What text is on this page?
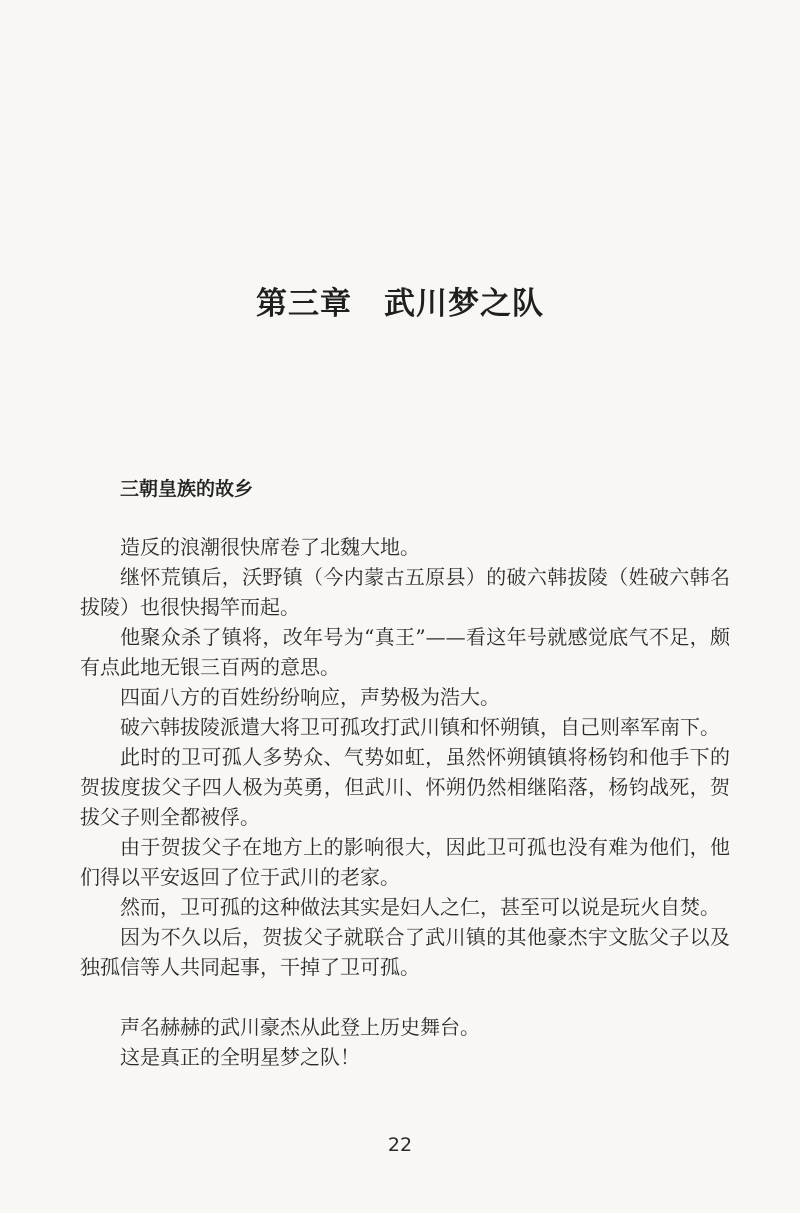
第三章 武川梦之队
三朝皇族的故乡

造反的浪潮很快席卷了北魏大地。

继怀荒镇后，沃野镇（今内蒙古五原县）的破六韩拔陵（姓破六韩名拔陵）也很快揭竿而起。

他聚众杀了镇将，改年号为“真王”——看这年号就感觉底气不足，颇有点此地无银三百两的意思。

四面八方的百姓纷纷响应，声势极为浩大。

破六韩拔陵派遣大将卫可孤攻打武川镇和怀朔镇，自己则率军南下。

此时的卫可孤人多势众、气势如虹，虽然怀朔镇镇将杨钧和他手下的贺拔度拔父子四人极为英勇，但武川、怀朔仍然相继陷落，杨钧战死，贺拔父子则全都被俘。

由于贺拔父子在地方上的影响很大，因此卫可孤也没有难为他们，他们得以平安返回了位于武川的老家。

然而，卫可孤的这种做法其实是妇人之仁，甚至可以说是玩火自焚。

因为不久以后，贺拔父子就联合了武川镇的其他豪杰宇文肱父子以及独孤信等人共同起事，干掉了卫可孤。

声名赫赫的武川豪杰从此登上历史舞台。

这是真正的全明星梦之队！

22
